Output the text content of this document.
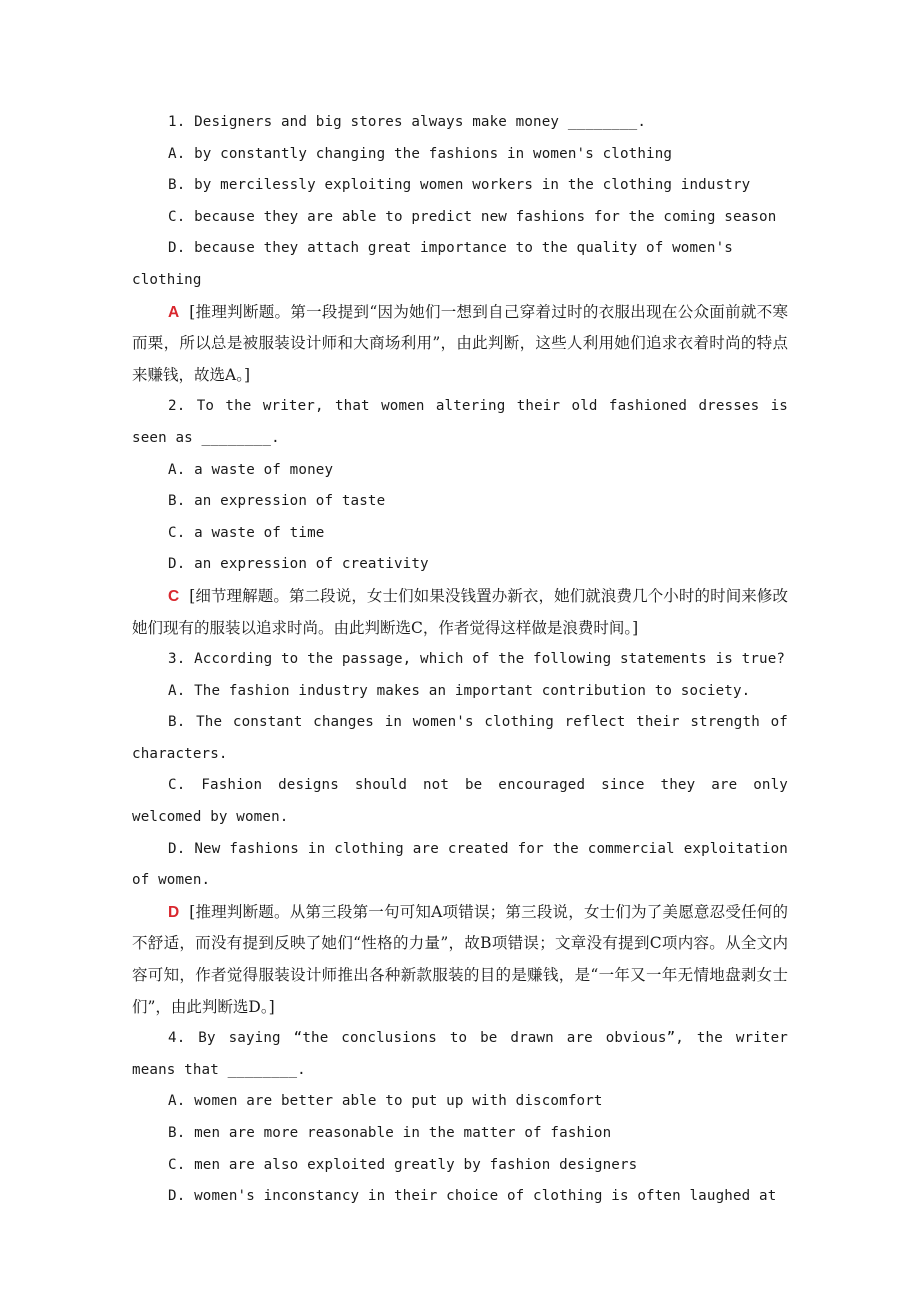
1. Designers and big stores always make money ________.

A. by constantly changing the fashions in women's clothing

B. by mercilessly exploiting women workers in the clothing industry

C. because they are able to predict new fashions for the coming season

D. because they attach great importance to the quality of women's clothing

A [推理判断题。第一段提到“因为她们一想到自己穿着过时的衣服出现在公众面前就不寒而栗，所以总是被服装设计师和大商场利用”，由此判断，这些人利用她们追求衣着时尚的特点来赚钱，故选A。]

2. To the writer, that women altering their old fashioned dresses is seen as ________.

A. a waste of money

B. an expression of taste

C. a waste of time

D. an expression of creativity

C [细节理解题。第二段说，女士们如果没钱置办新衣，她们就浪费几个小时的时间来修改她们现有的服装以追求时尚。由此判断选C，作者觉得这样做是浪费时间。]

3. According to the passage, which of the following statements is true?

A. The fashion industry makes an important contribution to society.

B. The constant changes in women's clothing reflect their strength of characters.

C. Fashion designs should not be encouraged since they are only welcomed by women.

D. New fashions in clothing are created for the commercial exploitation of women.

D [推理判断题。从第三段第一句可知A项错误；第三段说，女士们为了美愿意忍受任何的不舒适，而没有提到反映了她们“性格的力量”，故B项错误；文章没有提到C项内容。从全文内容可知，作者觉得服装设计师推出各种新款服装的目的是赚钱，是“一年又一年无情地盘剥女士们”，由此判断选D。]

4. By saying “the conclusions to be drawn are obvious”, the writer means that ________.

A. women are better able to put up with discomfort

B. men are more reasonable in the matter of fashion

C. men are also exploited greatly by fashion designers

D. women's inconstancy in their choice of clothing is often laughed at
